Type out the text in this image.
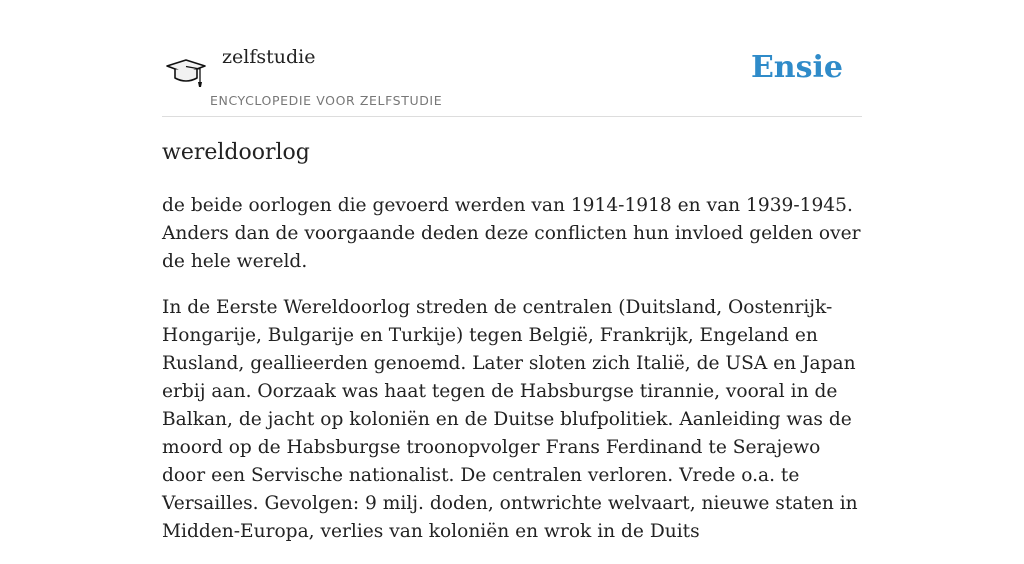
zelfstudie
ENCYCLOPEDIE VOOR ZELFSTUDIE
Ensie
wereldoorlog

de beide oorlogen die gevoerd werden van 1914-1918 en van 1939-1945. Anders dan de voorgaande deden deze conflicten hun invloed gelden over de hele wereld.

In de Eerste Wereldoorlog streden de centralen (Duitsland, Oostenrijk-Hongarije, Bulgarije en Turkije) tegen België, Frankrijk, Engeland en Rusland, geallieerden genoemd. Later sloten zich Italië, de USA en Japan erbij aan. Oorzaak was haat tegen de Habsburgse tirannie, vooral in de Balkan, de jacht op koloniën en de Duitse blufpolitiek. Aanleiding was de moord op de Habsburgse troonopvolger Frans Ferdinand te Serajewo door een Servische nationalist. De centralen verloren. Vrede o.a. te Versailles. Gevolgen: 9 milj. doden, ontwrichte welvaart, nieuwe staten in Midden-Europa, verlies van koloniën en wrok in de Duits
